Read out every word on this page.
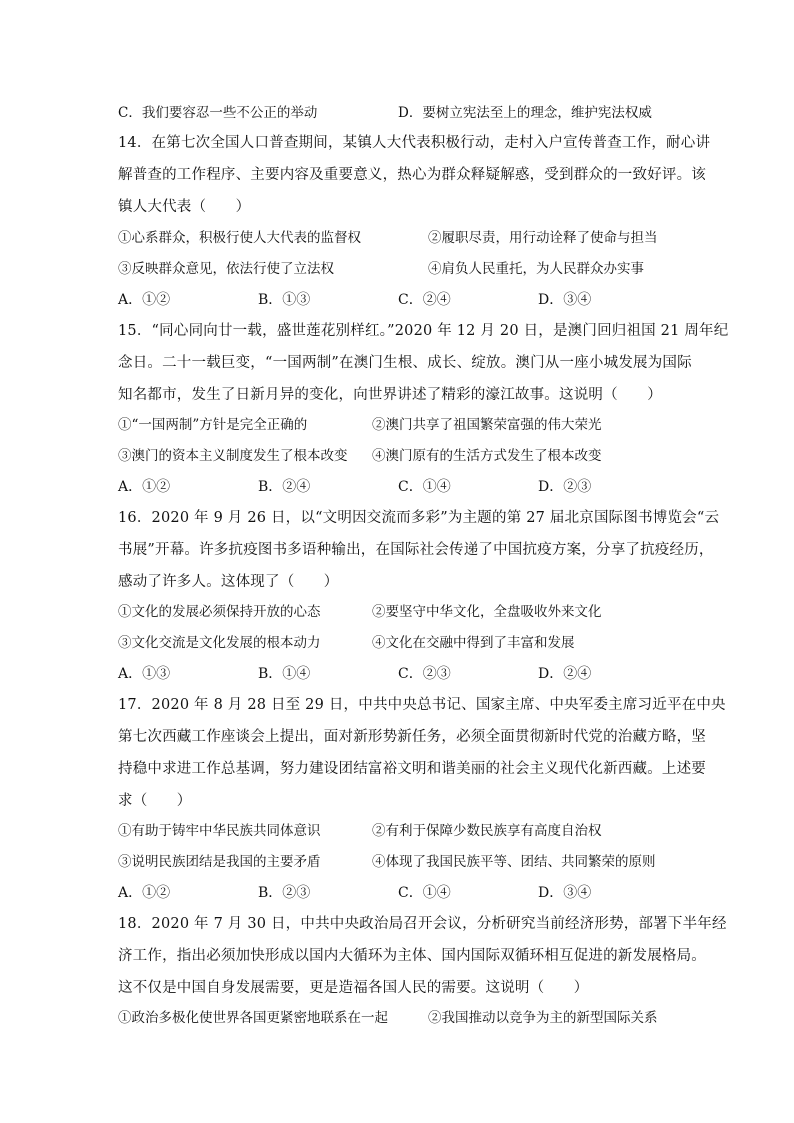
C．我们要容忍一些不公正的举动	D．要树立宪法至上的理念，维护宪法权威
14．在第七次全国人口普查期间，某镇人大代表积极行动，走村入户宣传普查工作，耐心讲
解普查的工作程序、主要内容及重要意义，热心为群众释疑解惑，受到群众的一致好评。该
镇人大代表（　　）
①心系群众，积极行使人大代表的监督权	②履职尽责，用行动诠释了使命与担当
③反映群众意见，依法行使了立法权	④肩负人民重托，为人民群众办实事
A．①②	B．①③	C．②④	D．③④
15．“同心同向廿一载，盛世莲花别样红。”2020 年 12 月 20 日，是澳门回归祖国 21 周年纪
念日。二十一载巨变，“一国两制”在澳门生根、成长、绽放。澳门从一座小城发展为国际
知名都市，发生了日新月异的变化，向世界讲述了精彩的濠江故事。这说明（　　）
①“一国两制”方针是完全正确的	②澳门共享了祖国繁荣富强的伟大荣光
③澳门的资本主义制度发生了根本改变 ④澳门原有的生活方式发生了根本改变
A．①②	B．②④	C．①④	D．②③
16．2020 年 9 月 26 日，以“文明因交流而多彩”为主题的第 27 届北京国际图书博览会“云
书展”开幕。许多抗疫图书多语种输出，在国际社会传递了中国抗疫方案，分享了抗疫经历，
感动了许多人。这体现了（　　）
①文化的发展必须保持开放的心态	②要坚守中华文化，全盘吸收外来文化
③文化交流是文化发展的根本动力	④文化在交融中得到了丰富和发展
A．①③	B．①④	C．②③	D．②④
17．2020 年 8 月 28 日至 29 日，中共中央总书记、国家主席、中央军委主席习近平在中央
第七次西藏工作座谈会上提出，面对新形势新任务，必须全面贯彻新时代党的治藏方略，坚
持稳中求进工作总基调，努力建设团结富裕文明和谐美丽的社会主义现代化新西藏。上述要
求（　　）
①有助于铸牢中华民族共同体意识	②有利于保障少数民族享有高度自治权
③说明民族团结是我国的主要矛盾	④体现了我国民族平等、团结、共同繁荣的原则
A．①②	B．②③	C．①④	D．③④
18．2020 年 7 月 30 日，中共中央政治局召开会议，分析研究当前经济形势，部署下半年经
济工作，指出必须加快形成以国内大循环为主体、国内国际双循环相互促进的新发展格局。
这不仅是中国自身发展需要，更是造福各国人民的需要。这说明（　　）
①政治多极化使世界各国更紧密地联系在一起	②我国推动以竞争为主的新型国际关系
